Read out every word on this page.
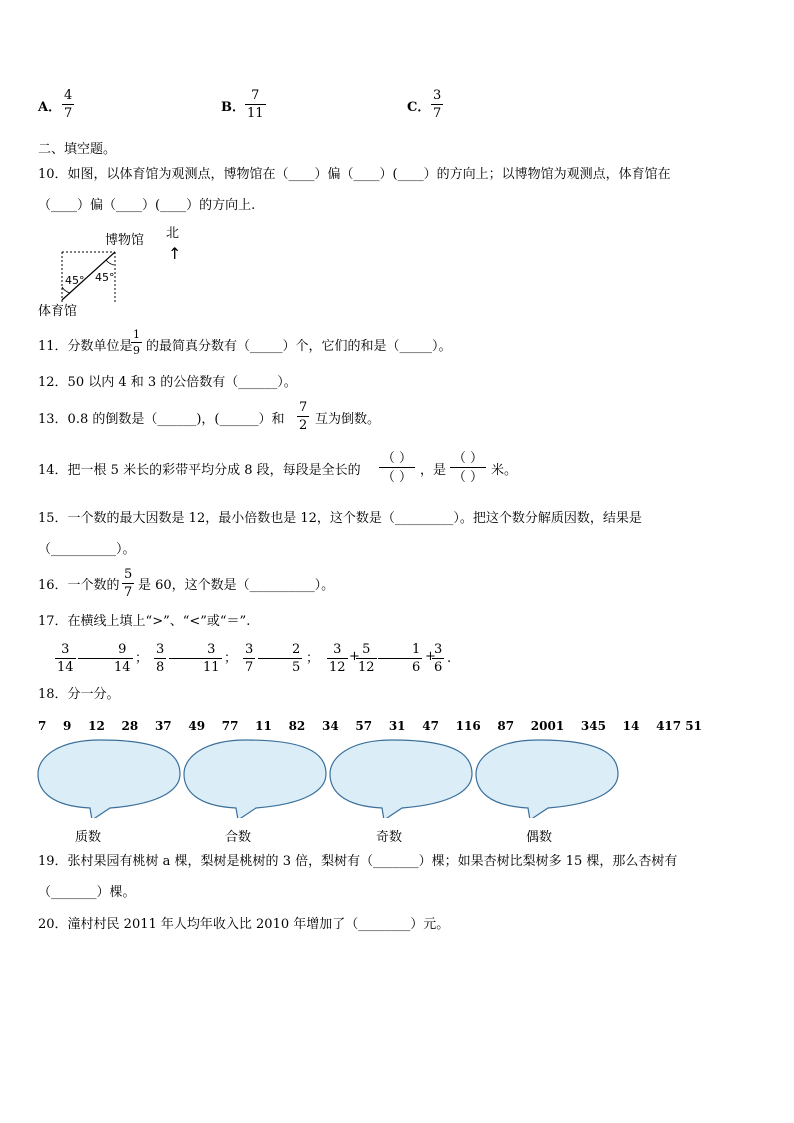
A． $\frac{4}{7}$	B． $\frac{7}{11}$	C． $\frac{3}{7}$
二、填空题。
10．如图，以体育馆为观测点，博物馆在（____）偏（____）(____）的方向上；以博物馆为观测点，体育馆在
（____）偏（____）(____）的方向上.
博物馆
体育馆
45° 45°
北
↑
11．分数单位是
$\frac{1}{9}$ 的最简真分数有（_____）个，它们的和是（_____）。
12．50 以内 4 和 3 的公倍数有（______）。
13．0.8 的倒数是（______)，(______）和 $\frac{7}{2}$ 互为倒数。
14．把一根 5 米长的彩带平均分成 8 段，每段是全长的
（ ）
（ ） ，是
（ ）
（ ） 米。
15．一个数的最大因数是 12，最小倍数也是 12，这个数是（_________）。把这个数分解质因数，结果是
（__________）。
16．一个数的 $\frac{5}{7}$ 是 60，这个数是（__________）。
17．在横线上填上“>”、“<”或“＝”.
$\frac{3}{14}$	$\frac{9}{14}$ ； $\frac{3}{8}$	$\frac{3}{11}$ ； $\frac{3}{7}$	$\frac{2}{5}$ ； $\frac{3}{12}$ +
$\frac{5}{12}$	$\frac{1}{6}$ +
$\frac{3}{6}$ .
18．分一分。
7    9    12    28    37    49    77    11    82    34    57    31    47    116    87    2001    345    14    417 51
质数	合数	奇数	偶数
19．张村果园有桃树 a 棵，梨树是桃树的 3 倍，梨树有（_______）棵；如果杏树比梨树多 15 棵，那么杏树有
（_______）棵。
20．潼村村民 2011 年人均年收入比 2010 年增加了（________）元。
